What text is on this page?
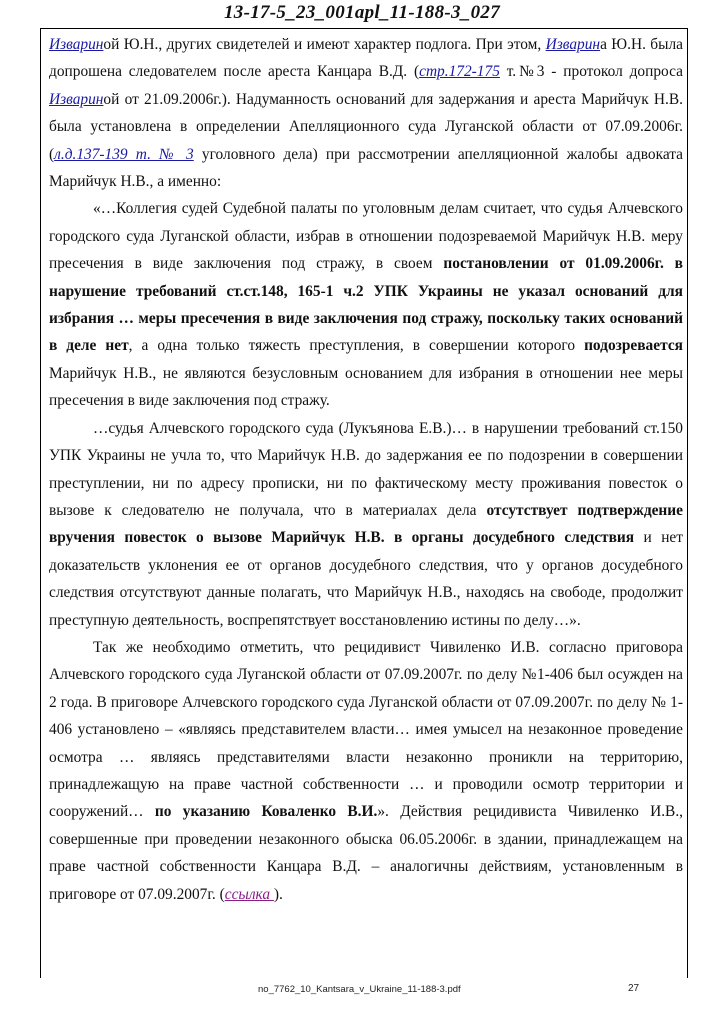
13-17-5_23_001apl_11-188-3_027

Извариной Ю.Н., других свидетелей и имеют характер подлога. При этом, Изварина Ю.Н. была допрошена следователем после ареста Канцара В.Д. (стр.172-175 т.№3 - протокол допроса Извариной от 21.09.2006г.). Надуманность оснований для задержания и ареста Марийчук Н.В. была установлена в определении Апелляционного суда Луганской области от 07.09.2006г. (л.д.137-139 т. № 3 уголовного дела) при рассмотрении апелляционной жалобы адвоката Марийчук Н.В., а именно:

«…Коллегия судей Судебной палаты по уголовным делам считает, что судья Алчевского городского суда Луганской области, избрав в отношении подозреваемой Марийчук Н.В. меру пресечения в виде заключения под стражу, в своем постановлении от 01.09.2006г. в нарушение требований ст.ст.148, 165-1 ч.2 УПК Украины не указал оснований для избрания … меры пресечения в виде заключения под стражу, поскольку таких оснований в деле нет, а одна только тяжесть преступления, в совершении которого подозревается Марийчук Н.В., не являются безусловным основанием для избрания в отношении нее меры пресечения в виде заключения под стражу.

…судья Алчевского городского суда (Лукъянова Е.В.)… в нарушении требований ст.150 УПК Украины не учла то, что Марийчук Н.В. до задержания ее по подозрении в совершении преступлении, ни по адресу прописки, ни по фактическому месту проживания повесток о вызове к следователю не получала, что в материалах дела отсутствует подтверждение вручения повесток о вызове Марийчук Н.В. в органы досудебного следствия и нет доказательств уклонения ее от органов досудебного следствия, что у органов досудебного следствия отсутствуют данные полагать, что Марийчук Н.В., находясь на свободе, продолжит преступную деятельность, воспрепятствует восстановлению истины по делу…».

Так же необходимо отметить, что рецидивист Чивиленко И.В. согласно приговора Алчевского городского суда Луганской области от 07.09.2007г. по делу №1-406 был осужден на 2 года. В приговоре Алчевского городского суда Луганской области от 07.09.2007г. по делу № 1-406 установлено – «являясь представителем власти… имея умысел на незаконное проведение осмотра … являясь представителями власти незаконно проникли на территорию, принадлежащую на праве частной собственности … и проводили осмотр территории и сооружений… по указанию Коваленко В.И.». Действия рецидивиста Чивиленко И.В., совершенные при проведении незаконного обыска 06.05.2006г. в здании, принадлежащем на праве частной собственности Канцара В.Д. – аналогичны действиям, установленным в приговоре от 07.09.2007г. (ссылка ).

no_7762_10_Kantsara_v_Ukraine_11-188-3.pdf	27
